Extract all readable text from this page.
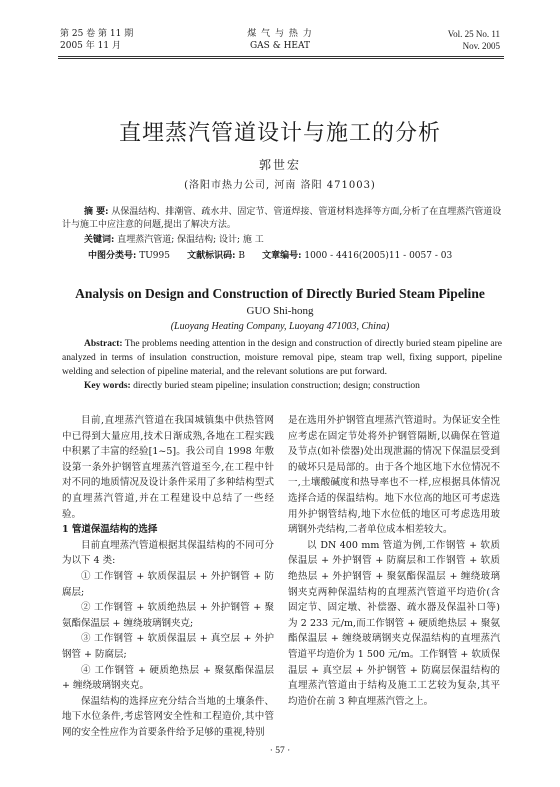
第 25 卷 第 11 期
2005 年 11 月
煤 气 与 热 力
GAS & HEAT
Vol. 25 No. 11
Nov. 2005
直埋蒸汽管道设计与施工的分析
郭世宏
(洛阳市热力公司, 河南 洛阳 471003)

摘 要: 从保温结构、排潮管、疏水井、固定节、管道焊接、管道材料选择等方面,分析了在直埋蒸汽管道设计与施工中应注意的问题,提出了解决方法。

关键词: 直埋蒸汽管道; 保温结构; 设计; 施 工

中图分类号: TU995 文献标识码: B 文章编号: 1000 - 4416(2005)11 - 0057 - 03
Analysis on Design and Construction of Directly Buried Steam Pipeline
GUO Shi-hong
(Luoyang Heating Company, Luoyang 471003, China)

Abstract: The problems needing attention in the design and construction of directly buried steam pipeline are analyzed in terms of insulation construction, moisture removal pipe, steam trap well, fixing support, pipeline welding and selection of pipeline material, and the relevant solutions are put forward.

Key words: directly buried steam pipeline; insulation construction; design; construction

目前,直埋蒸汽管道在我国城镇集中供热管网中已得到大量应用,技术日渐成熟,各地在工程实践中积累了丰富的经验[1~5]。我公司自 1998 年敷设第一条外护钢管直埋蒸汽管道至今,在工程中针对不同的地质情况及设计条件采用了多种结构型式的直埋蒸汽管道,并在工程建设中总结了一些经验。

1 管道保温结构的选择

目前直埋蒸汽管道根据其保温结构的不同可分为以下 4 类:

① 工作钢管 + 软质保温层 + 外护钢管 + 防腐层;

② 工作钢管 + 软质绝热层 + 外护钢管 + 聚氨酯保温层 + 缠绕玻璃钢夹克;

③ 工作钢管 + 软质保温层 + 真空层 + 外护钢管 + 防腐层;

④ 工作钢管 + 硬质绝热层 + 聚氨酯保温层 + 缠绕玻璃钢夹克。

保温结构的选择应充分结合当地的土壤条件、地下水位条件,考虑管网安全性和工程造价,其中管网的安全性应作为首要条件给予足够的重视,特别

是在选用外护钢管直埋蒸汽管道时。为保证安全性应考虑在固定节处将外护钢管隔断,以确保在管道及节点(如补偿器)处出现泄漏的情况下保温层受到的破坏只是局部的。由于各个地区地下水位情况不一,土壤酸碱度和热导率也不一样,应根据具体情况选择合适的保温结构。地下水位高的地区可考虑选用外护钢管结构,地下水位低的地区可考虑选用玻璃钢外壳结构,二者单位成本相差较大。

以 DN 400 mm 管道为例,工作钢管 + 软质保温层 + 外护钢管 + 防腐层和工作钢管 + 软质绝热层 + 外护钢管 + 聚氨酯保温层 + 缠绕玻璃钢夹克两种保温结构的直埋蒸汽管道平均造价(含固定节、固定墩、补偿器、疏水器及保温补口等)为 2 233 元/m,而工作钢管 + 硬质绝热层 + 聚氨酯保温层 + 缠绕玻璃钢夹克保温结构的直埋蒸汽管道平均造价为 1 500 元/m。工作钢管 + 软质保温层 + 真空层 + 外护钢管 + 防腐层保温结构的直埋蒸汽管道由于结构及施工工艺较为复杂,其平均造价在前 3 种直埋蒸汽管之上。

· 57 ·
